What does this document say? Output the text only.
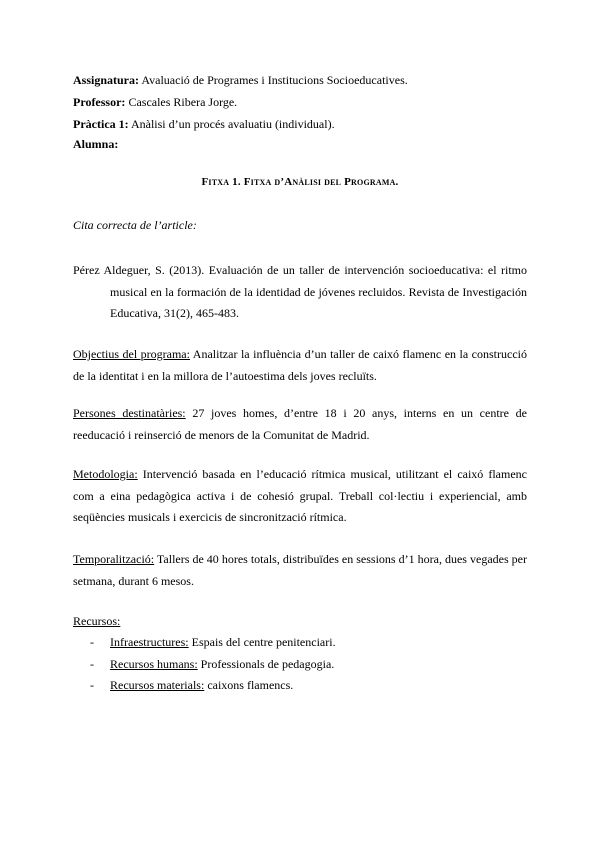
Assignatura: Avaluació de Programes i Institucions Socioeducatives.
Professor: Cascales Ribera Jorge.
Pràctica 1: Anàlisi d’un procés avaluatiu (individual).
Alumna:
Fitxa 1. Fitxa d’Anàlisi del Programa.
Cita correcta de l’article:
Pérez Aldeguer, S. (2013). Evaluación de un taller de intervención socioeducativa: el ritmo musical en la formación de la identidad de jóvenes recluidos. Revista de Investigación Educativa, 31(2), 465-483.
Objectius del programa: Analitzar la influència d’un taller de caixó flamenc en la construcció de la identitat i en la millora de l’autoestima dels joves recluïts.
Persones destinatàries: 27 joves homes, d’entre 18 i 20 anys, interns en un centre de reeducació i reinserció de menors de la Comunitat de Madrid.
Metodologia: Intervenció basada en l’educació rítmica musical, utilitzant el caixó flamenc com a eina pedagògica activa i de cohesió grupal. Treball col·lectiu i experiencial, amb seqüències musicals i exercicis de sincronització rítmica.
Temporalització: Tallers de 40 hores totals, distribuïdes en sessions d’1 hora, dues vegades per setmana, durant 6 mesos.
Recursos:
- Infraestructures: Espais del centre penitenciari.
- Recursos humans: Professionals de pedagogia.
- Recursos materials: caixons flamencs.
